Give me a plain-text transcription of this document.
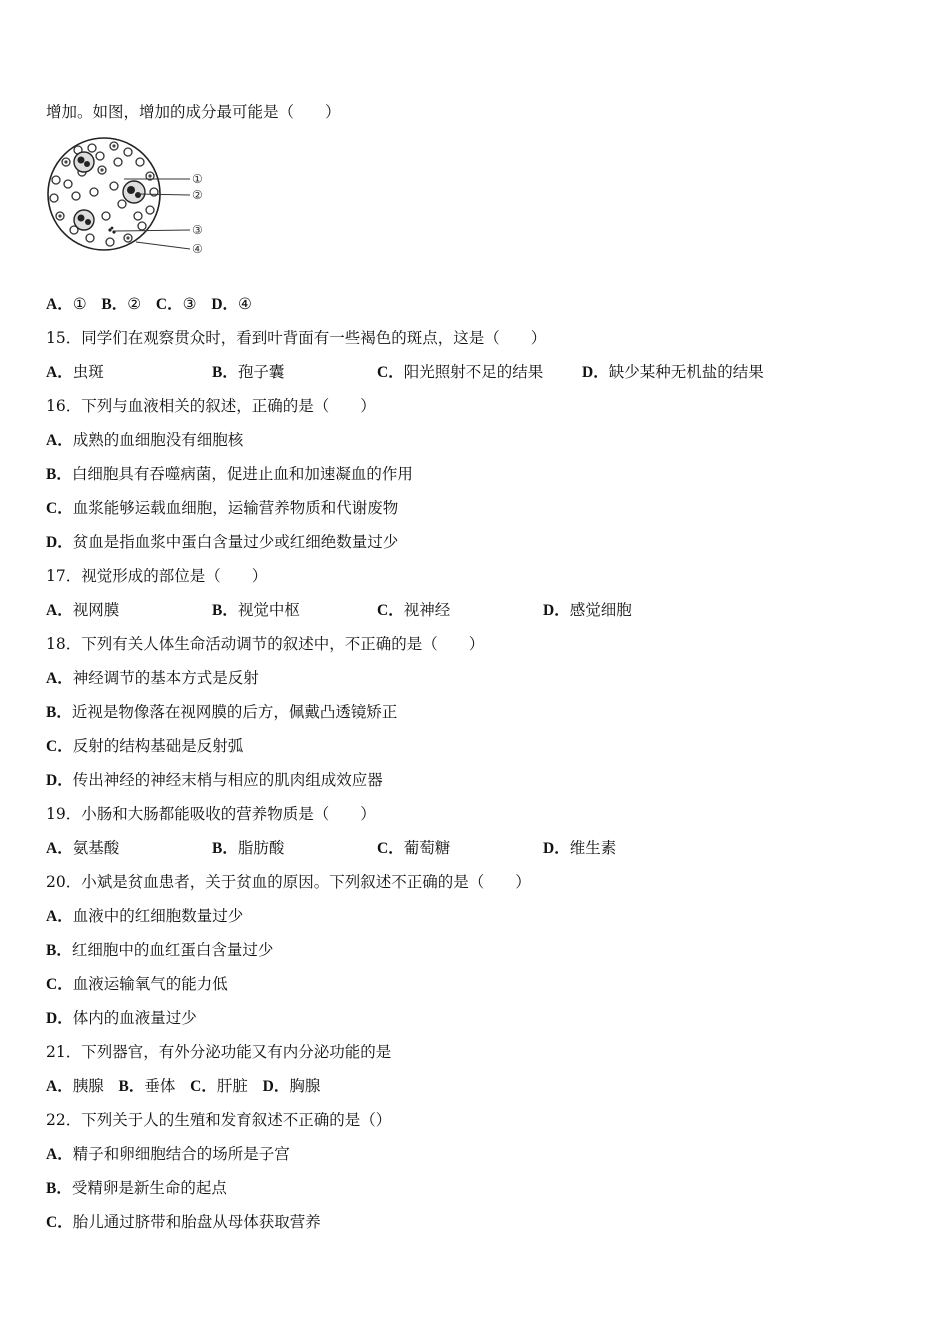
增加。如图，增加的成分最可能是（　　）
①
②
③
④
A．① B．② C．③ D．④
15．同学们在观察贯众时，看到叶背面有一些褐色的斑点，这是（　　）
A．虫斑	B．孢子囊	C．阳光照射不足的结果	D．缺少某种无机盐的结果
16．下列与血液相关的叙述，正确的是（　　）
A．成熟的血细胞没有细胞核
B．白细胞具有吞噬病菌，促进止血和加速凝血的作用
C．血浆能够运载血细胞，运输营养物质和代谢废物
D．贫血是指血浆中蛋白含量过少或红细绝数量过少
17．视觉形成的部位是（　　）
A．视网膜	B．视觉中枢	C．视神经	D．感觉细胞
18．下列有关人体生命活动调节的叙述中，不正确的是（　　）
A．神经调节的基本方式是反射
B．近视是物像落在视网膜的后方，佩戴凸透镜矫正
C．反射的结构基础是反射弧
D．传出神经的神经末梢与相应的肌肉组成效应器
19．小肠和大肠都能吸收的营养物质是（　　）
A．氨基酸	B．脂肪酸	C．葡萄糖	D．维生素
20．小斌是贫血患者，关于贫血的原因。下列叙述不正确的是（　　）
A．血液中的红细胞数量过少
B．红细胞中的血红蛋白含量过少
C．血液运输氧气的能力低
D．体内的血液量过少
21．下列器官，有外分泌功能又有内分泌功能的是
A．胰腺 B．垂体 C．肝脏 D．胸腺
22．下列关于人的生殖和发育叙述不正确的是（）
A．精子和卵细胞结合的场所是子宫
B．受精卵是新生命的起点
C．胎儿通过脐带和胎盘从母体获取营养
